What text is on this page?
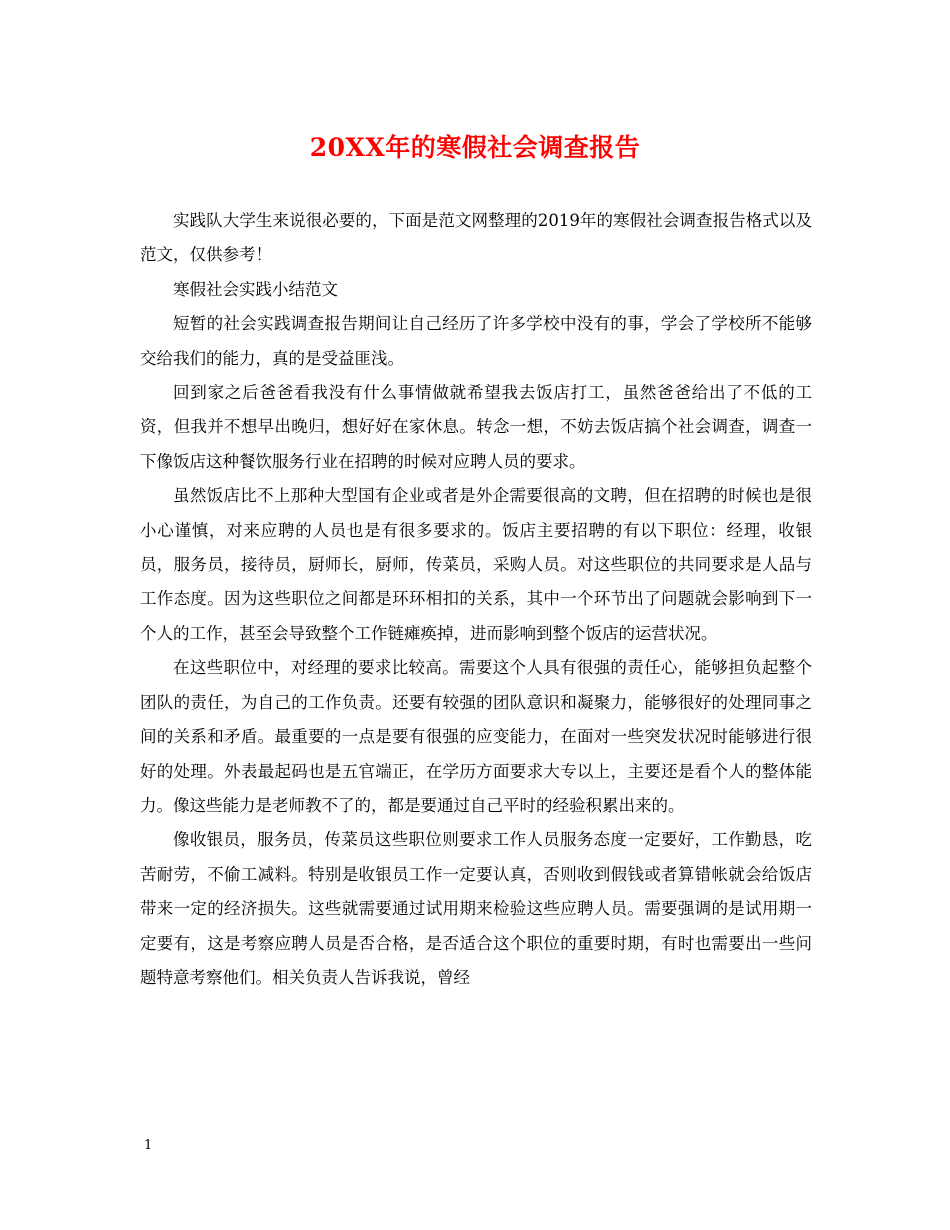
20XX年的寒假社会调查报告

实践队大学生来说很必要的，下面是范文网整理的2019年的寒假社会调查报告格式以及范文，仅供参考！

寒假社会实践小结范文

短暂的社会实践调查报告期间让自己经历了许多学校中没有的事，学会了学校所不能够交给我们的能力，真的是受益匪浅。

回到家之后爸爸看我没有什么事情做就希望我去饭店打工，虽然爸爸给出了不低的工资，但我并不想早出晚归，想好好在家休息。转念一想，不妨去饭店搞个社会调查，调查一下像饭店这种餐饮服务行业在招聘的时候对应聘人员的要求。

虽然饭店比不上那种大型国有企业或者是外企需要很高的文聘，但在招聘的时候也是很小心谨慎，对来应聘的人员也是有很多要求的。饭店主要招聘的有以下职位：经理，收银员，服务员，接待员，厨师长，厨师，传菜员，采购人员。对这些职位的共同要求是人品与工作态度。因为这些职位之间都是环环相扣的关系，其中一个环节出了问题就会影响到下一个人的工作，甚至会导致整个工作链瘫痪掉，进而影响到整个饭店的运营状况。

在这些职位中，对经理的要求比较高。需要这个人具有很强的责任心，能够担负起整个团队的责任，为自己的工作负责。还要有较强的团队意识和凝聚力，能够很好的处理同事之间的关系和矛盾。最重要的一点是要有很强的应变能力，在面对一些突发状况时能够进行很好的处理。外表最起码也是五官端正，在学历方面要求大专以上，主要还是看个人的整体能力。像这些能力是老师教不了的，都是要通过自己平时的经验积累出来的。

像收银员，服务员，传菜员这些职位则要求工作人员服务态度一定要好，工作勤恳，吃苦耐劳，不偷工减料。特别是收银员工作一定要认真，否则收到假钱或者算错帐就会给饭店带来一定的经济损失。这些就需要通过试用期来检验这些应聘人员。需要强调的是试用期一定要有，这是考察应聘人员是否合格，是否适合这个职位的重要时期，有时也需要出一些问题特意考察他们。相关负责人告诉我说，曾经

1
